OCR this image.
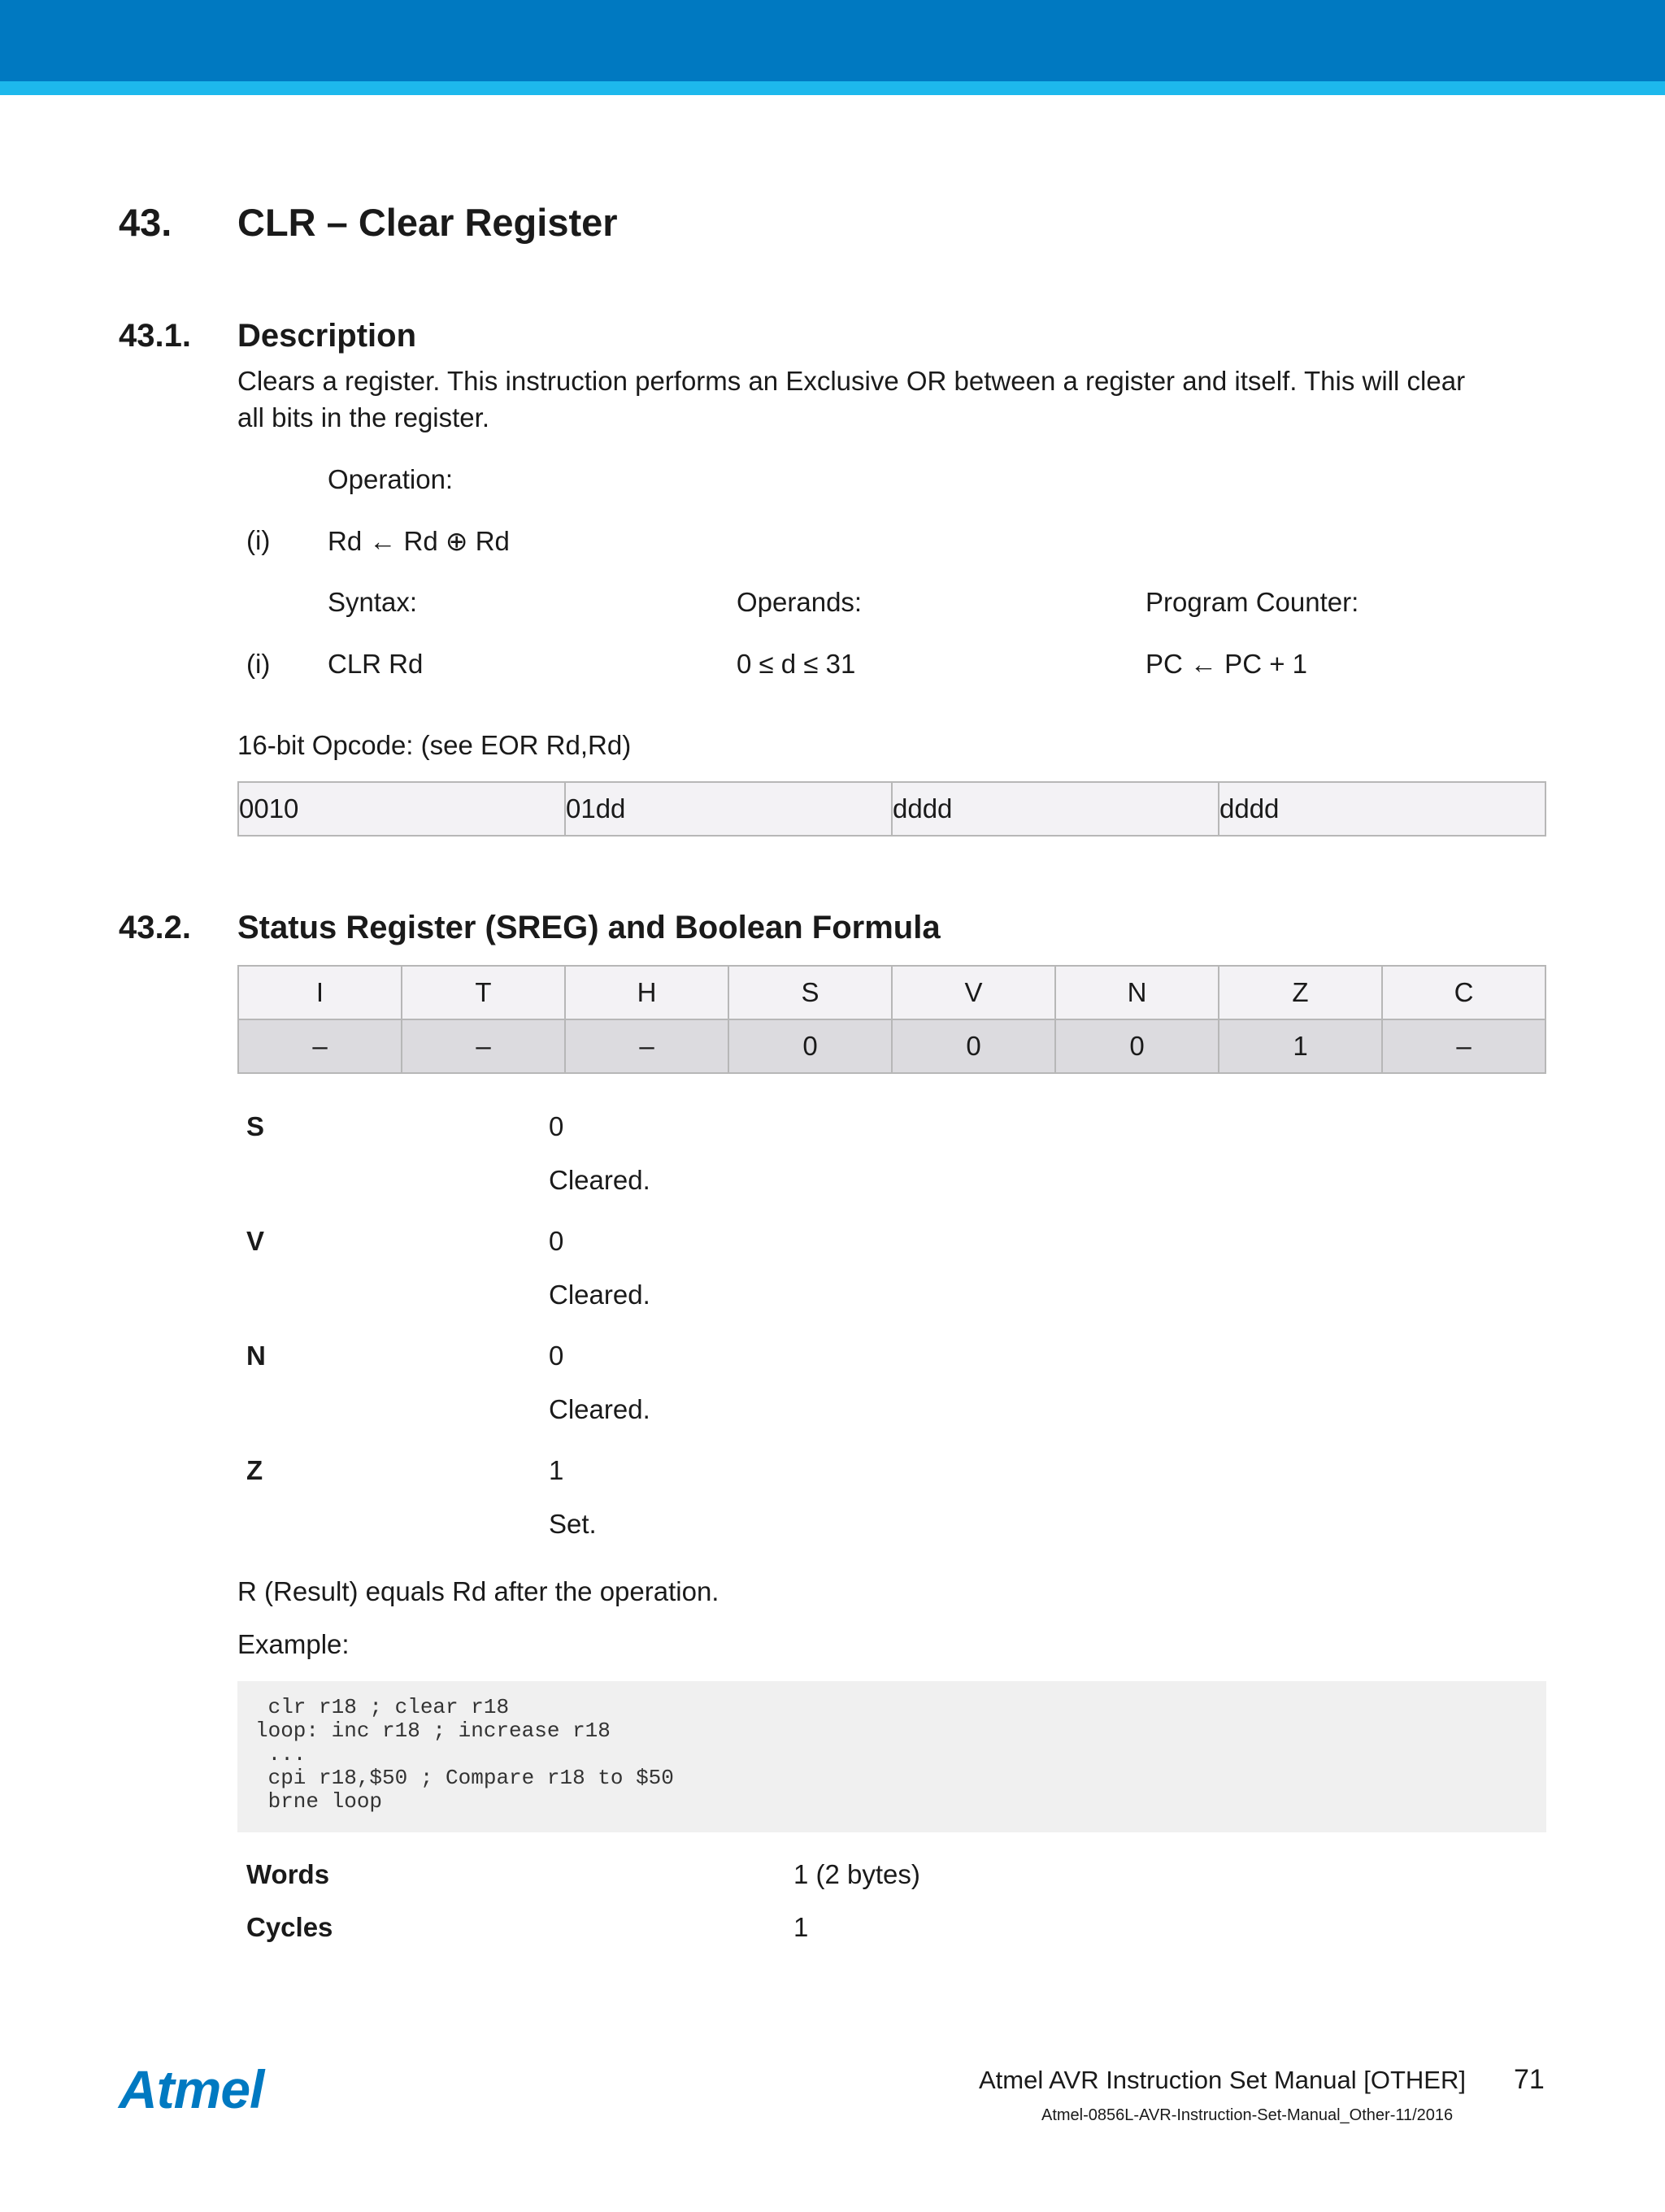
43. CLR – Clear Register
43.1. Description
Clears a register. This instruction performs an Exclusive OR between a register and itself. This will clear
all bits in the register.
Operation:
(i) Rd ← Rd ⊕ Rd
Syntax:	Operands:	Program Counter:
(i) CLR Rd	0 ≤ d ≤ 31	PC ← PC + 1
16-bit Opcode: (see EOR Rd,Rd)
0010	01dd	dddd	dddd
43.2. Status Register (SREG) and Boolean Formula
I	T	H	S	V	N	Z	C
–	–	–	0	0	0	1	–
S	0
Cleared.
V	0
Cleared.
N	0
Cleared.
Z	1
Set.
R (Result) equals Rd after the operation.
Example:
clr r18 ; clear r18
loop: inc r18 ; increase r18
...
cpi r18,$50 ; Compare r18 to $50
brne loop
Words	1 (2 bytes)
Cycles	1
Atmel	Atmel AVR Instruction Set Manual [OTHER] 71
Atmel-0856L-AVR-Instruction-Set-Manual_Other-11/2016
